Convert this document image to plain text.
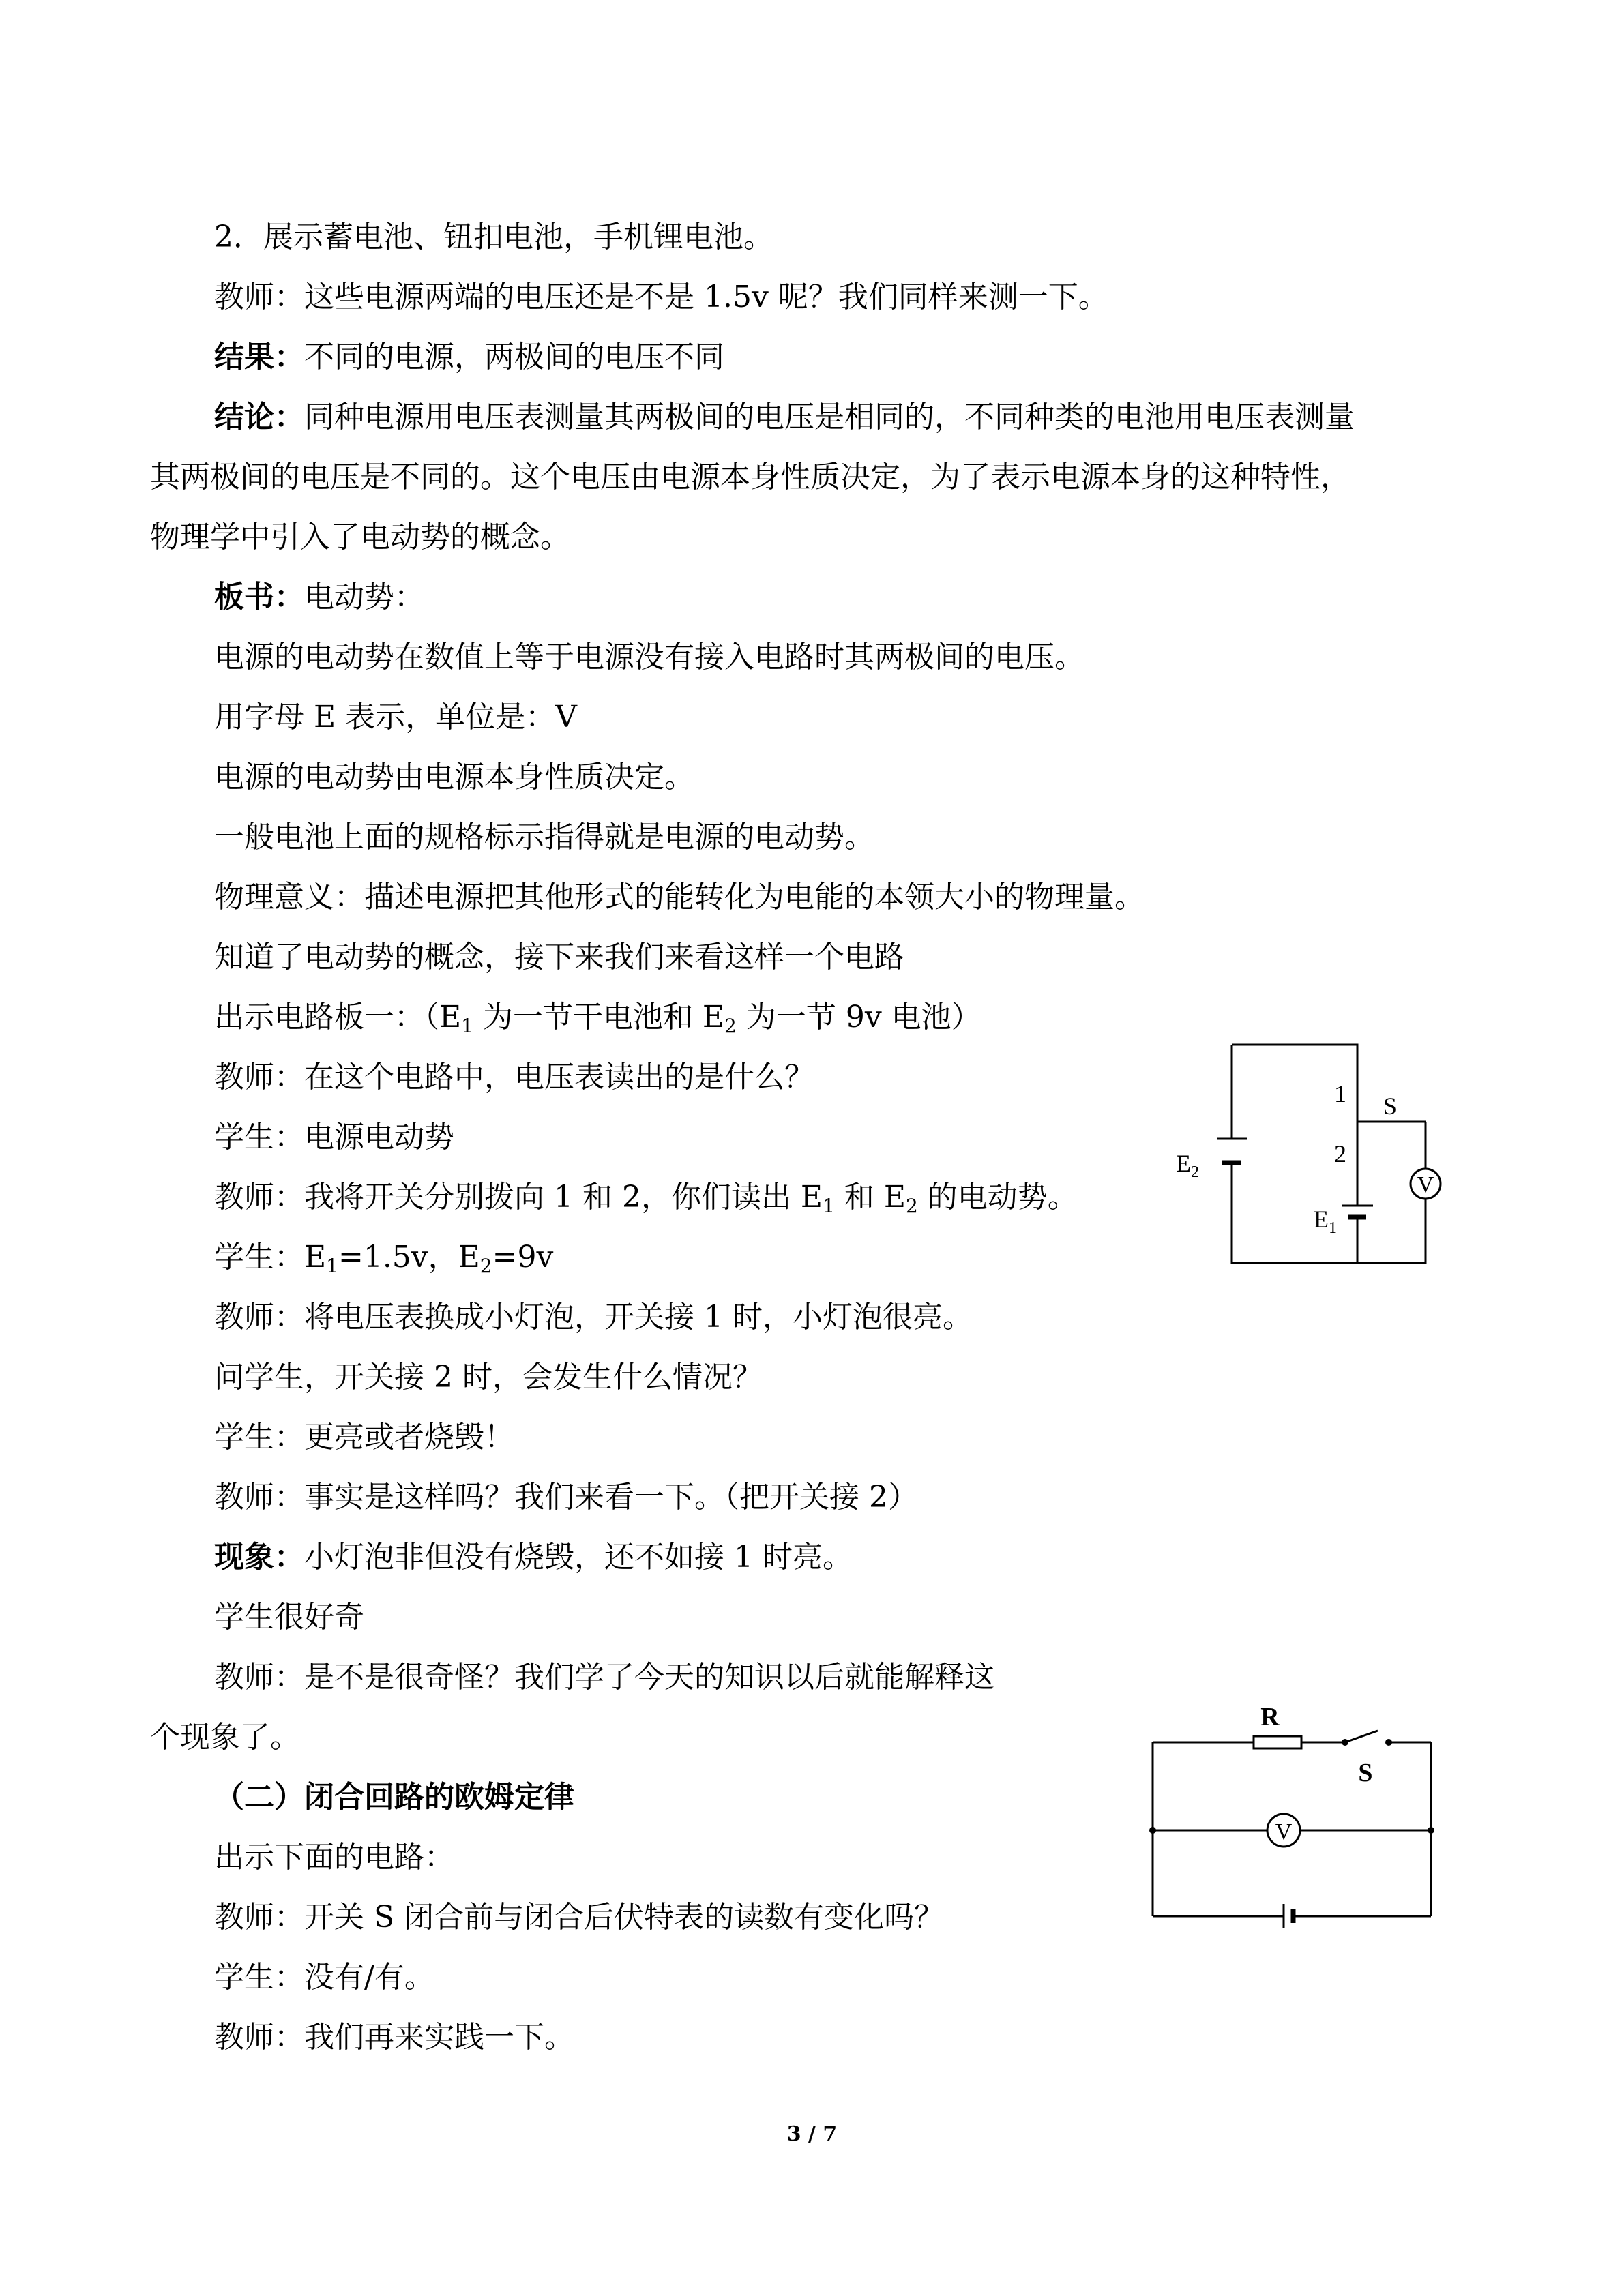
2．展示蓄电池、钮扣电池，手机锂电池。
教师：这些电源两端的电压还是不是 1.5v 呢？我们同样来测一下。
结果：不同的电源，两极间的电压不同
结论：同种电源用电压表测量其两极间的电压是相同的，不同种类的电池用电压表测量
其两极间的电压是不同的。这个电压由电源本身性质决定，为了表示电源本身的这种特性，
物理学中引入了电动势的概念。
板书：电动势：
电源的电动势在数值上等于电源没有接入电路时其两极间的电压。
用字母 E 表示，单位是：V
电源的电动势由电源本身性质决定。
一般电池上面的规格标示指得就是电源的电动势。
物理意义：描述电源把其他形式的能转化为电能的本领大小的物理量。
知道了电动势的概念，接下来我们来看这样一个电路
出示电路板一：（$E_1$ 为一节干电池和 $E_2$ 为一节 9v 电池）
教师：在这个电路中，电压表读出的是什么？
学生：电源电动势
教师：我将开关分别拨向 1 和 2，你们读出 $E_1$ 和 $E_2$ 的电动势。
学生：$E_1=1.5v$，$E_2=9v$
教师：将电压表换成小灯泡，开关接 1 时，小灯泡很亮。
问学生，开关接 2 时，会发生什么情况？
学生：更亮或者烧毁！
教师：事实是这样吗？我们来看一下。（把开关接 2）
现象：小灯泡非但没有烧毁，还不如接 1 时亮。
学生很好奇
教师：是不是很奇怪？我们学了今天的知识以后就能解释这
个现象了。
（二）闭合回路的欧姆定律
出示下面的电路：
教师：开关 S 闭合前与闭合后伏特表的读数有变化吗？
学生：没有/有。
教师：我们再来实践一下。
1
2
S
$E_2$
$E_1$
V
R
S
V
3 / 7
